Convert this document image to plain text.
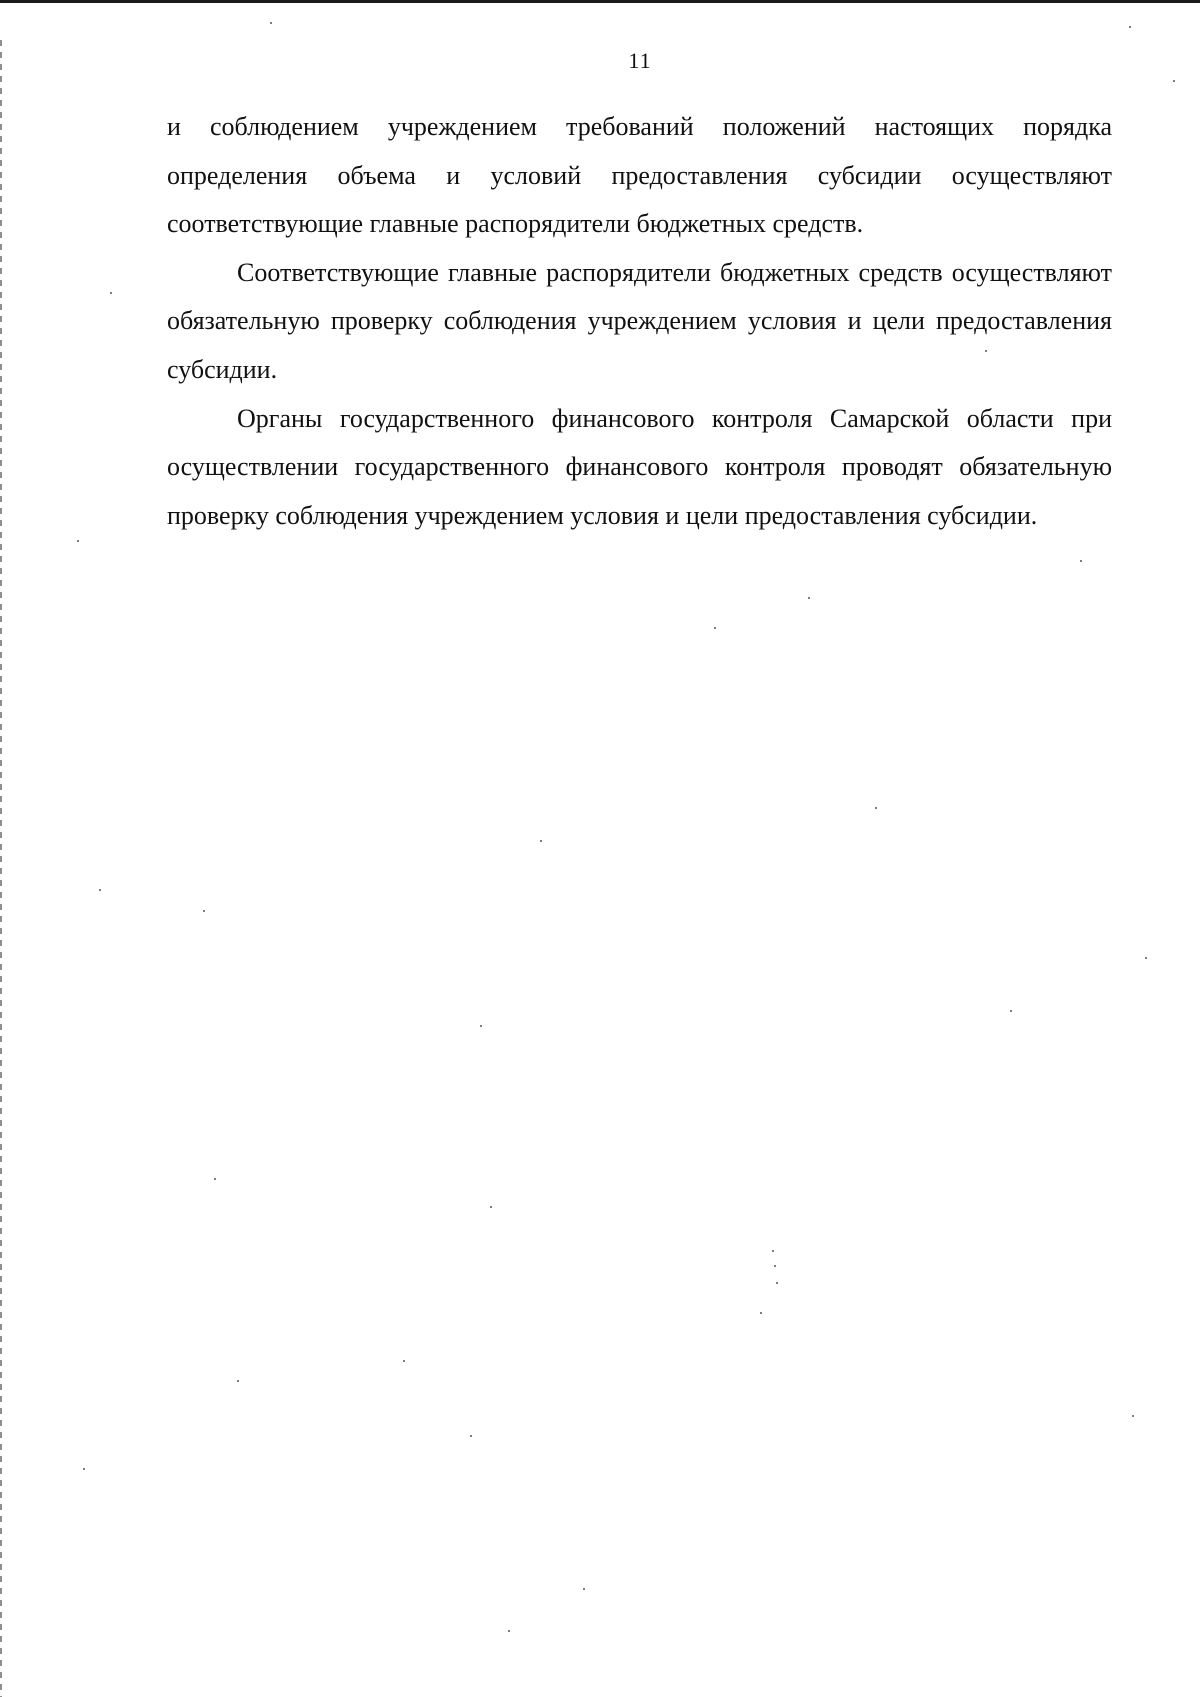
11

и соблюдением учреждением требований положений настоящих порядка определения объема и условий предоставления субсидии осуществляют соответствующие главные распорядители бюджетных средств.

Соответствующие главные распорядители бюджетных средств осуществляют обязательную проверку соблюдения учреждением условия и цели предоставления субсидии.

Органы государственного финансового контроля Самарской области при осуществлении государственного финансового контроля проводят обязательную проверку соблюдения учреждением условия и цели предоставления субсидии.
